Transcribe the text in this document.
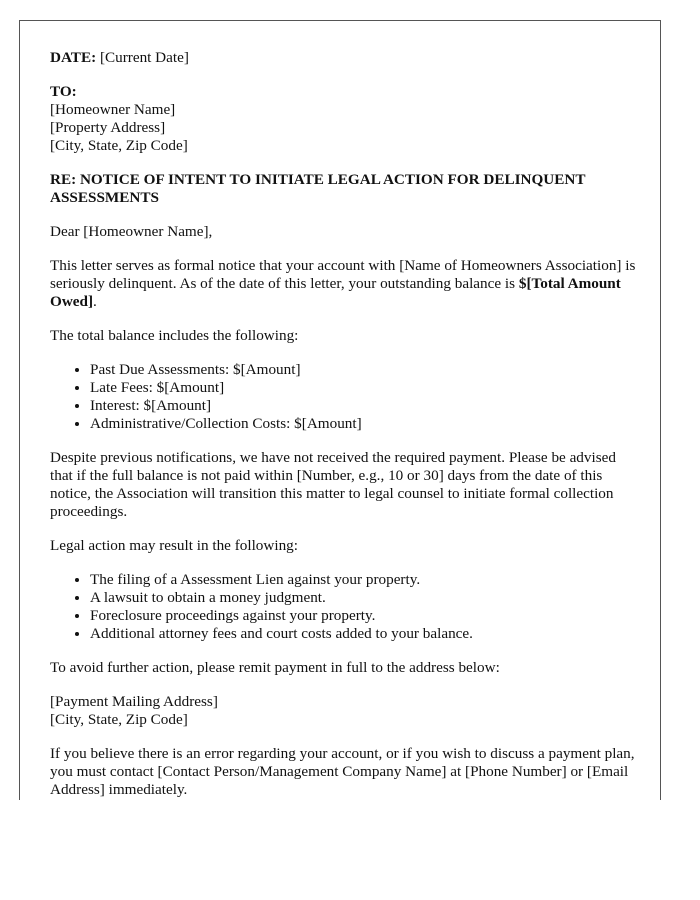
DATE: [Current Date]
TO:
[Homeowner Name]
[Property Address]
[City, State, Zip Code]
RE: NOTICE OF INTENT TO INITIATE LEGAL ACTION FOR DELINQUENT ASSESSMENTS

Dear [Homeowner Name],

This letter serves as formal notice that your account with [Name of Homeowners Association] is seriously delinquent. As of the date of this letter, your outstanding balance is $[Total Amount Owed].

The total balance includes the following:

• Past Due Assessments: $[Amount]
• Late Fees: $[Amount]
• Interest: $[Amount]
• Administrative/Collection Costs: $[Amount]

Despite previous notifications, we have not received the required payment. Please be advised that if the full balance is not paid within [Number, e.g., 10 or 30] days from the date of this notice, the Association will transition this matter to legal counsel to initiate formal collection proceedings.

Legal action may result in the following:

• The filing of a Assessment Lien against your property.
• A lawsuit to obtain a money judgment.
• Foreclosure proceedings against your property.
• Additional attorney fees and court costs added to your balance.

To avoid further action, please remit payment in full to the address below:

[Payment Mailing Address]
[City, State, Zip Code]

If you believe there is an error regarding your account, or if you wish to discuss a payment plan, you must contact [Contact Person/Management Company Name] at [Phone Number] or [Email Address] immediately.
